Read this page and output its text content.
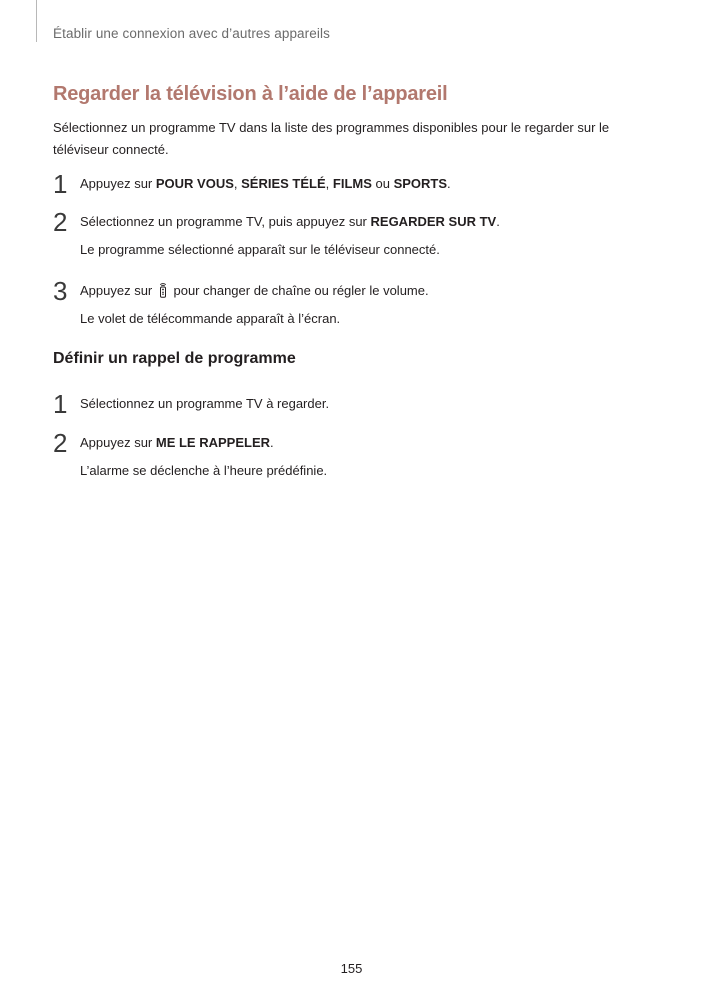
Établir une connexion avec d’autres appareils
Regarder la télévision à l’aide de l’appareil

Sélectionnez un programme TV dans la liste des programmes disponibles pour le regarder sur le téléviseur connecté.

1 Appuyez sur POUR VOUS, SÉRIES TÉLÉ, FILMS ou SPORTS.
2 Sélectionnez un programme TV, puis appuyez sur REGARDER SUR TV.
Le programme sélectionné apparaît sur le téléviseur connecté.
3 Appuyez sur  pour changer de chaîne ou régler le volume.
Le volet de télécommande apparaît à l’écran.
Définir un rappel de programme
1 Sélectionnez un programme TV à regarder.
2 Appuyez sur ME LE RAPPELER.
L’alarme se déclenche à l’heure prédéfinie.
155
